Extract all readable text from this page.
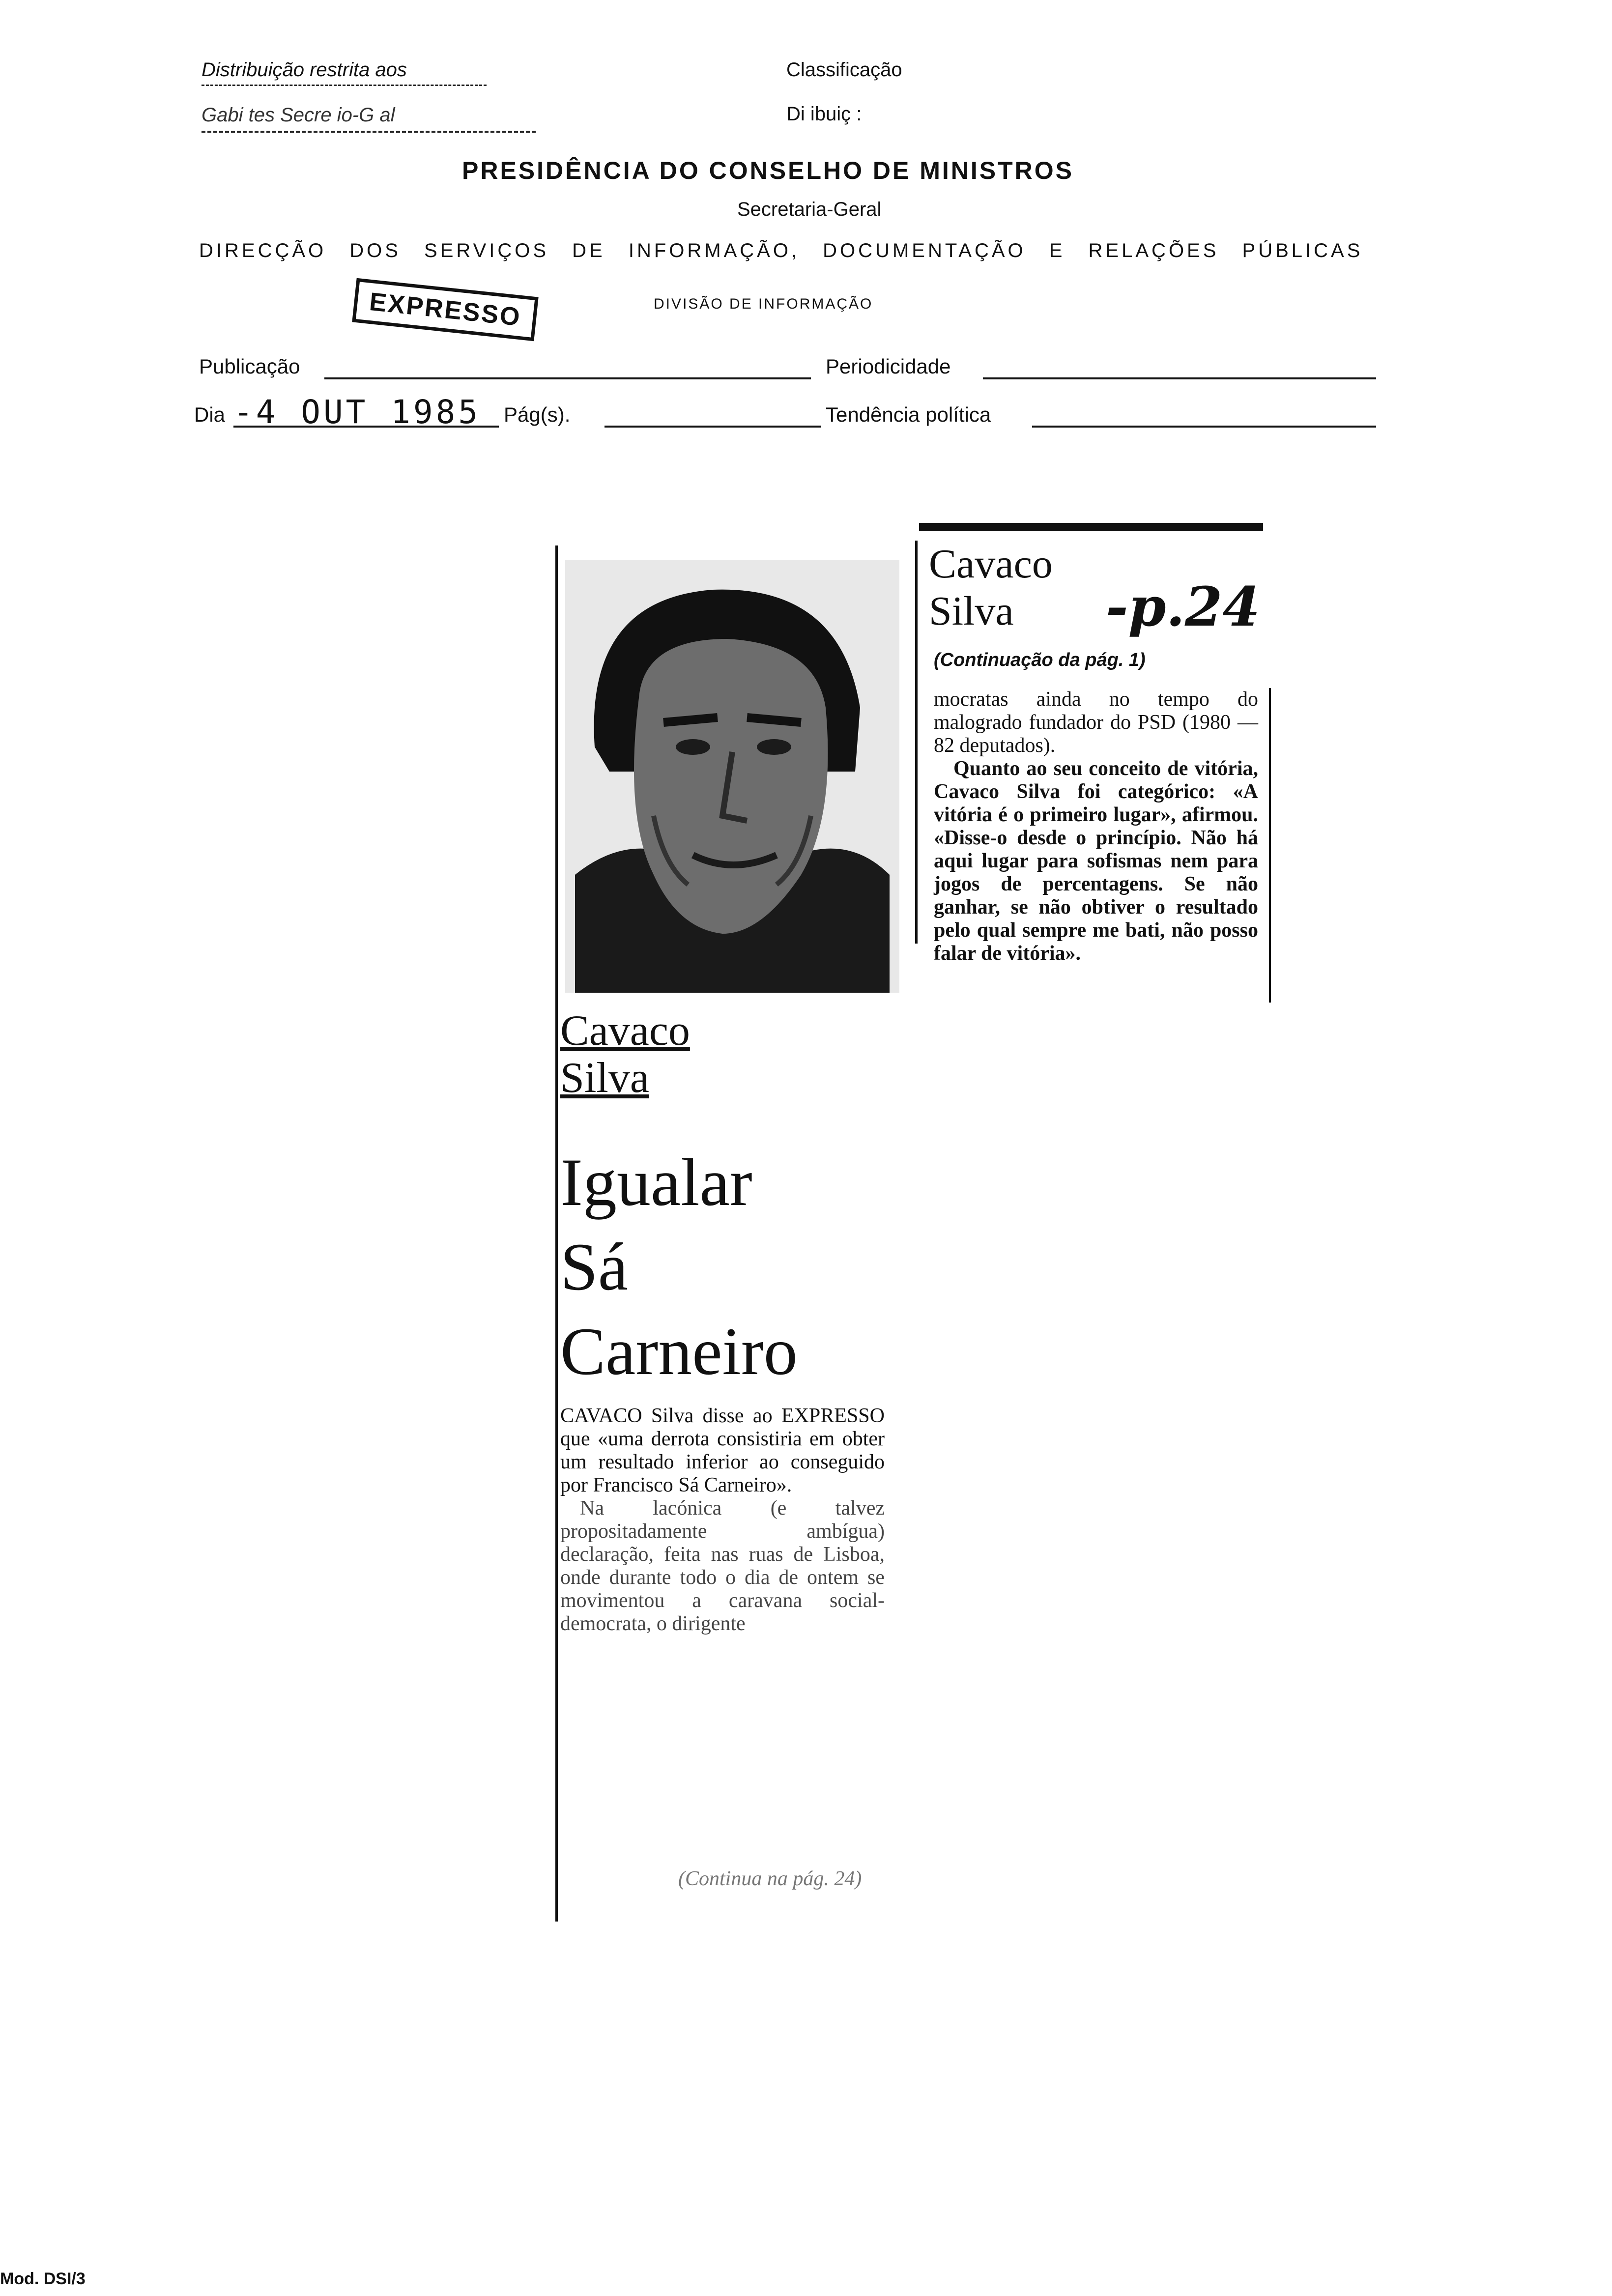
Distribuição restrita aos
Gabi tes Secre io-G al
Classificação
Di ibuiç :
PRESIDÊNCIA DO CONSELHO DE MINISTROS
Secretaria-Geral
DIRECÇÃO DOS SERVIÇOS DE INFORMAÇÃO, DOCUMENTAÇÃO E RELAÇÕES PÚBLICAS
EXPRESSO	DIVISÃO DE INFORMAÇÃO
Publicação	Periodicidade
Dia -4 OUT 1985 Pág(s).	Tendência política
Cavaco
Silva
Igualar
Sá
Carneiro

CAVACO Silva disse ao EXPRESSO que «uma derrota consistiria em obter um resultado inferior ao conseguido por Francisco Sá Carneiro».

Na lacónica (e talvez propositadamente ambígua) declaração, feita nas ruas de Lisboa, onde durante todo o dia de ontem se movimentou a caravana social-democrata, o dirigente

(Continua na pág. 24)
Cavaco
Silva	-p.24
(Continuação da pág. 1)

mocratas ainda no tempo do malogrado fundador do PSD (1980 — 82 deputados).

Quanto ao seu conceito de vitória, Cavaco Silva foi categórico: «A vitória é o primeiro lugar», afirmou. «Disse-o desde o princípio. Não há aqui lugar para sofismas nem para jogos de percentagens. Se não ganhar, se não obtiver o resultado pelo qual sempre me bati, não posso falar de vitória».

Mod. DSI/3
